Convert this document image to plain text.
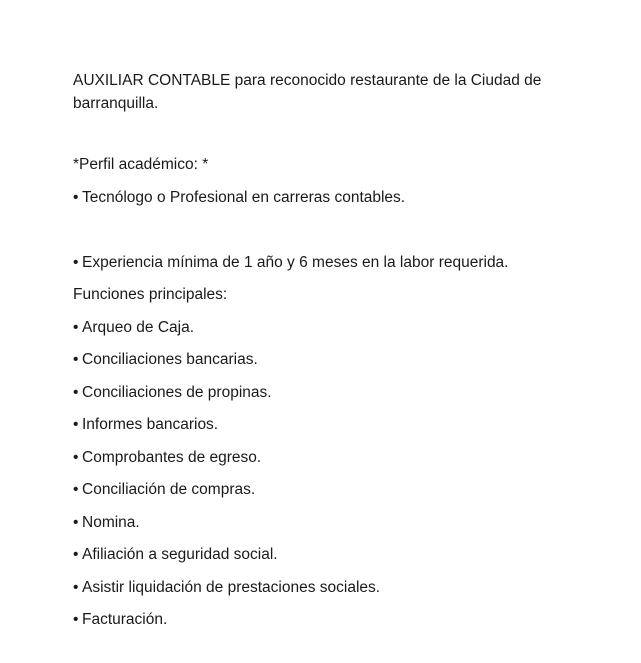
AUXILIAR CONTABLE para reconocido restaurante de la Ciudad de barranquilla.

*Perfil académico: *

• Tecnólogo o Profesional en carreras contables.

• Experiencia mínima de 1 año y 6 meses en la labor requerida.

Funciones principales:

• Arqueo de Caja.

• Conciliaciones bancarias.

• Conciliaciones de propinas.

• Informes bancarios.

• Comprobantes de egreso.

• Conciliación de compras.

• Nomina.

• Afiliación a seguridad social.

• Asistir liquidación de prestaciones sociales.

• Facturación.
